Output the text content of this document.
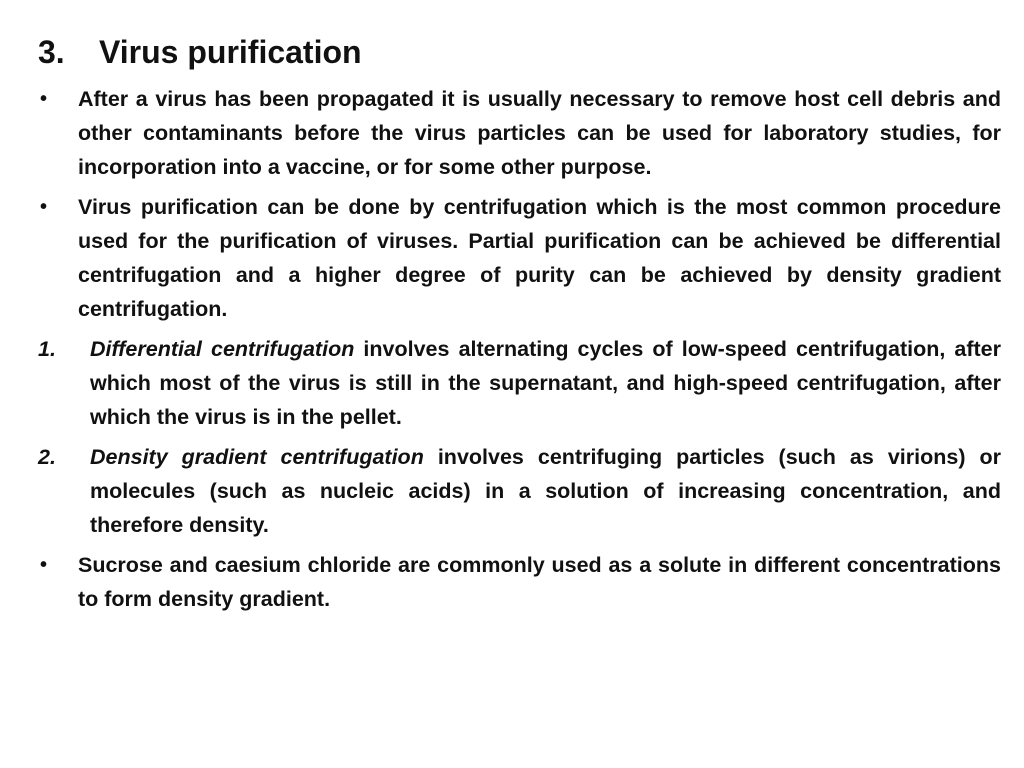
3. Virus purification
• After a virus has been propagated it is usually necessary to remove host cell debris and other contaminants before the virus particles can be used for laboratory studies, for incorporation into a vaccine, or for some other purpose.
• Virus purification can be done by centrifugation which is the most common procedure used for the purification of viruses. Partial purification can be achieved be differential centrifugation and a higher degree of purity can be achieved by density gradient centrifugation.
1. Differential centrifugation involves alternating cycles of low-speed centrifugation, after which most of the virus is still in the supernatant, and high-speed centrifugation, after which the virus is in the pellet.
2. Density gradient centrifugation involves centrifuging particles (such as virions) or molecules (such as nucleic acids) in a solution of increasing concentration, and therefore density.
• Sucrose and caesium chloride are commonly used as a solute in different concentrations to form density gradient.
